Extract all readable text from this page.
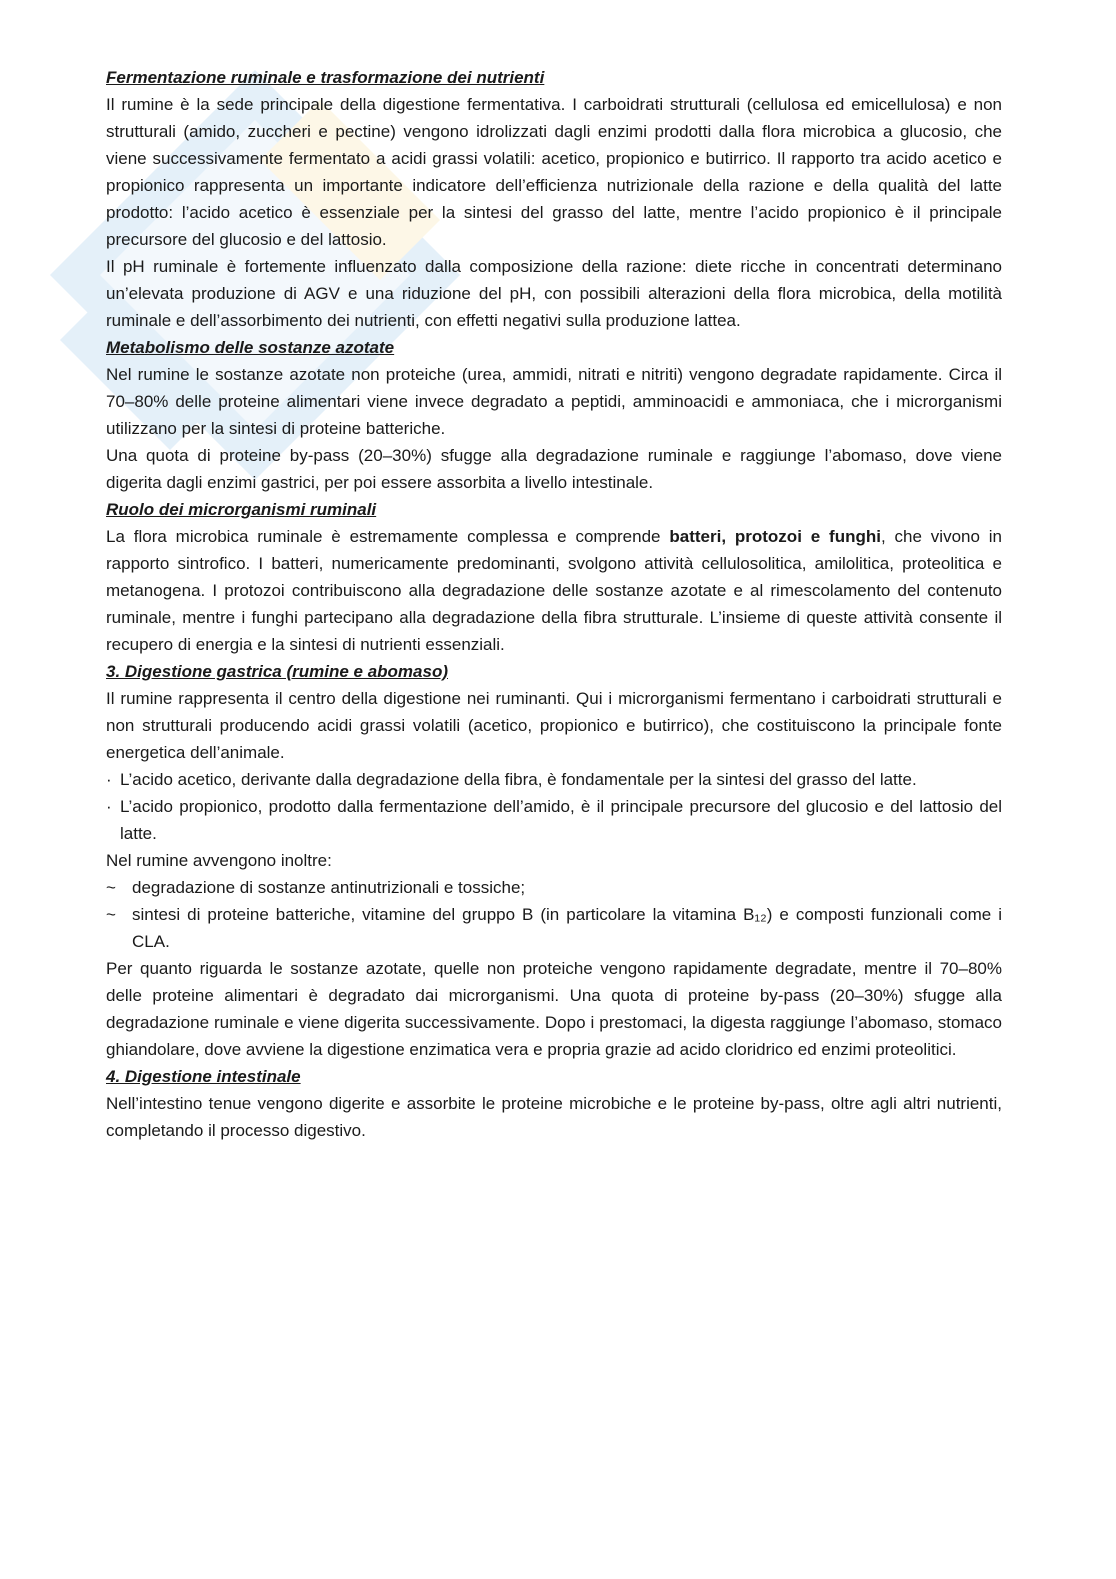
Fermentazione ruminale e trasformazione dei nutrienti

Il rumine è la sede principale della digestione fermentativa. I carboidrati strutturali (cellulosa ed emicellulosa) e non strutturali (amido, zuccheri e pectine) vengono idrolizzati dagli enzimi prodotti dalla flora microbica a glucosio, che viene successivamente fermentato a acidi grassi volatili: acetico, propionico e butirrico. Il rapporto tra acido acetico e propionico rappresenta un importante indicatore dell’efficienza nutrizionale della razione e della qualità del latte prodotto: l’acido acetico è essenziale per la sintesi del grasso del latte, mentre l’acido propionico è il principale precursore del glucosio e del lattosio.

Il pH ruminale è fortemente influenzato dalla composizione della razione: diete ricche in concentrati determinano un’elevata produzione di AGV e una riduzione del pH, con possibili alterazioni della flora microbica, della motilità ruminale e dell’assorbimento dei nutrienti, con effetti negativi sulla produzione lattea.

Metabolismo delle sostanze azotate

Nel rumine le sostanze azotate non proteiche (urea, ammidi, nitrati e nitriti) vengono degradate rapidamente. Circa il 70–80% delle proteine alimentari viene invece degradato a peptidi, amminoacidi e ammoniaca, che i microrganismi utilizzano per la sintesi di proteine batteriche.

Una quota di proteine by-pass (20–30%) sfugge alla degradazione ruminale e raggiunge l’abomaso, dove viene digerita dagli enzimi gastrici, per poi essere assorbita a livello intestinale.

Ruolo dei microrganismi ruminali

La flora microbica ruminale è estremamente complessa e comprende batteri, protozoi e funghi, che vivono in rapporto sintrofico. I batteri, numericamente predominanti, svolgono attività cellulosolitica, amilolitica, proteolitica e metanogena. I protozoi contribuiscono alla degradazione delle sostanze azotate e al rimescolamento del contenuto ruminale, mentre i funghi partecipano alla degradazione della fibra strutturale. L’insieme di queste attività consente il recupero di energia e la sintesi di nutrienti essenziali.

3. Digestione gastrica (rumine e abomaso)

Il rumine rappresenta il centro della digestione nei ruminanti. Qui i microrganismi fermentano i carboidrati strutturali e non strutturali producendo acidi grassi volatili (acetico, propionico e butirrico), che costituiscono la principale fonte energetica dell’animale.

· L’acido acetico, derivante dalla degradazione della fibra, è fondamentale per la sintesi del grasso del latte.
· L’acido propionico, prodotto dalla fermentazione dell’amido, è il principale precursore del glucosio e del lattosio del latte.

Nel rumine avvengono inoltre:

~ degradazione di sostanze antinutrizionali e tossiche;
~ sintesi di proteine batteriche, vitamine del gruppo B (in particolare la vitamina B₁₂) e composti funzionali come i CLA.

Per quanto riguarda le sostanze azotate, quelle non proteiche vengono rapidamente degradate, mentre il 70–80% delle proteine alimentari è degradato dai microrganismi. Una quota di proteine by-pass (20–30%) sfugge alla degradazione ruminale e viene digerita successivamente. Dopo i prestomaci, la digesta raggiunge l’abomaso, stomaco ghiandolare, dove avviene la digestione enzimatica vera e propria grazie ad acido cloridrico ed enzimi proteolitici.

4. Digestione intestinale

Nell’intestino tenue vengono digerite e assorbite le proteine microbiche e le proteine by-pass, oltre agli altri nutrienti, completando il processo digestivo.
